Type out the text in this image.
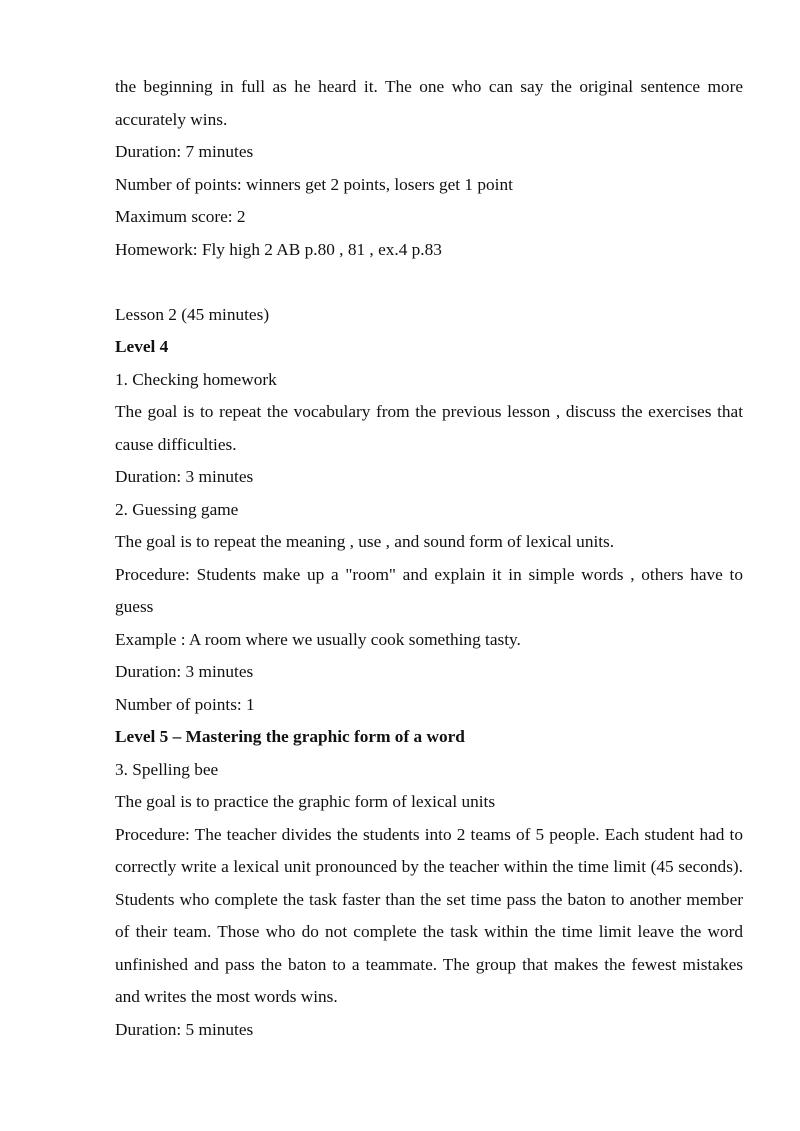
the beginning in full as he heard it. The one who can say the original sentence more accurately wins.

Duration: 7 minutes

Number of points: winners get 2 points, losers get 1 point

Maximum score: 2

Homework: Fly high 2 AB p.80 , 81 , ex.4 p.83

Lesson 2 (45 minutes)

Level 4

1. Checking homework

The goal is to repeat the vocabulary from the previous lesson , discuss the exercises that cause difficulties.

Duration: 3 minutes

2. Guessing game

The goal is to repeat the meaning , use , and sound form of lexical units.

Procedure: Students make up a "room" and explain it in simple words , others have to guess

Example : A room where we usually cook something tasty.

Duration: 3 minutes

Number of points: 1

Level 5 – Mastering the graphic form of a word

3. Spelling bee

The goal is to practice the graphic form of lexical units

Procedure: The teacher divides the students into 2 teams of 5 people. Each student had to correctly write a lexical unit pronounced by the teacher within the time limit (45 seconds). Students who complete the task faster than the set time pass the baton to another member of their team. Those who do not complete the task within the time limit leave the word unfinished and pass the baton to a teammate. The group that makes the fewest mistakes and writes the most words wins.

Duration: 5 minutes
